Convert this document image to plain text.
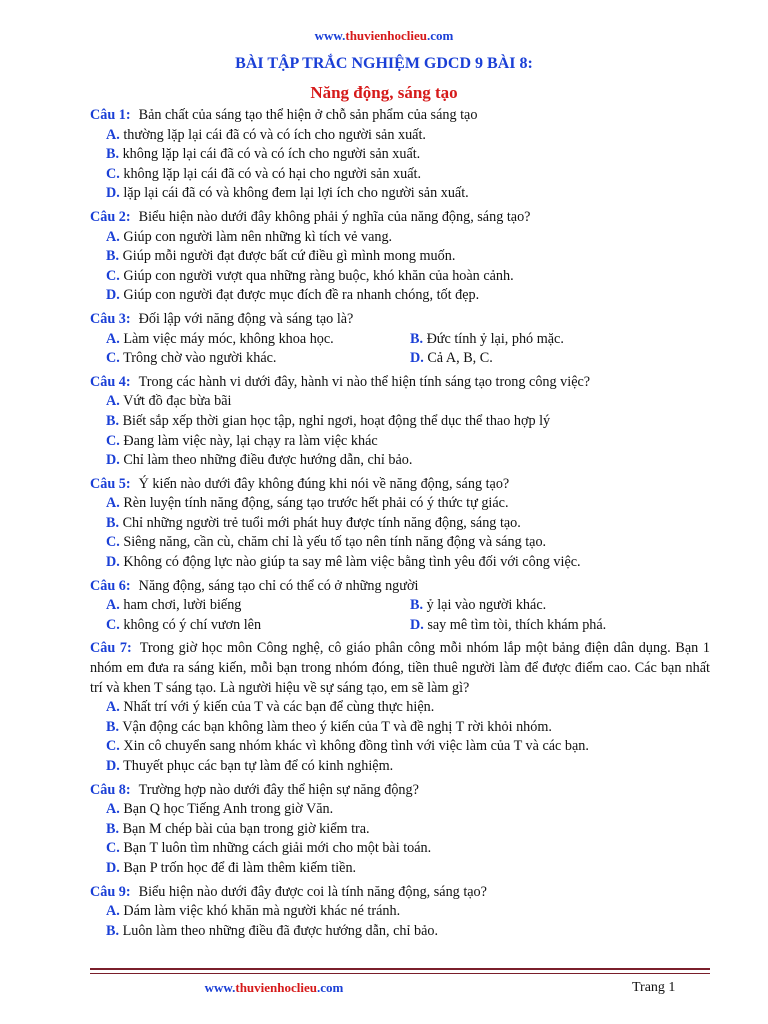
www.thuvienhoclieu.com
BÀI TẬP TRẮC NGHIỆM GDCD 9 BÀI 8:
Năng động, sáng tạo
Câu 1: Bản chất của sáng tạo thể hiện ở chỗ sản phẩm của sáng tạo
A. thường lặp lại cái đã có và có ích cho người sản xuất.
B. không lặp lại cái đã có và có ích cho người sản xuất.
C. không lặp lại cái đã có và có hại cho người sản xuất.
D. lặp lại cái đã có và không đem lại lợi ích cho người sản xuất.
Câu 2: Biểu hiện nào dưới đây không phải ý nghĩa của năng động, sáng tạo?
A. Giúp con người làm nên những kì tích vẻ vang.
B. Giúp mỗi người đạt được bất cứ điều gì mình mong muốn.
C. Giúp con người vượt qua những ràng buộc, khó khăn của hoàn cảnh.
D. Giúp con người đạt được mục đích đề ra nhanh chóng, tốt đẹp.
Câu 3: Đối lập với năng động và sáng tạo là?
A. Làm việc máy móc, không khoa học.	B. Đức tính ỷ lại, phó mặc.
C. Trông chờ vào người khác.	D. Cả A, B, C.
Câu 4: Trong các hành vi dưới đây, hành vi nào thể hiện tính sáng tạo trong công việc?
A. Vứt đồ đạc bừa bãi
B. Biết sắp xếp thời gian học tập, nghỉ ngơi, hoạt động thể dục thể thao hợp lý
C. Đang làm việc này, lại chạy ra làm việc khác
D. Chỉ làm theo những điều được hướng dẫn, chỉ bảo.
Câu 5: Ý kiến nào dưới đây không đúng khi nói về năng động, sáng tạo?
A. Rèn luyện tính năng động, sáng tạo trước hết phải có ý thức tự giác.
B. Chỉ những người trẻ tuổi mới phát huy được tính năng động, sáng tạo.
C. Siêng năng, cần cù, chăm chỉ là yếu tố tạo nên tính năng động và sáng tạo.
D. Không có động lực nào giúp ta say mê làm việc bằng tình yêu đối với công việc.
Câu 6: Năng động, sáng tạo chỉ có thể có ở những người
A. ham chơi, lười biếng	B. ỷ lại vào người khác.
C. không có ý chí vươn lên	D. say mê tìm tòi, thích khám phá.
Câu 7: Trong giờ học môn Công nghệ, cô giáo phân công mỗi nhóm lắp một bảng điện dân dụng. Bạn 1 nhóm em đưa ra sáng kiến, mỗi bạn trong nhóm đóng, tiền thuê người làm để được điểm cao. Các bạn nhất trí và khen T sáng tạo. Là người hiệu về sự sáng tạo, em sẽ làm gì?
A. Nhất trí với ý kiến của T và các bạn để cùng thực hiện.
B. Vận động các bạn không làm theo ý kiến của T và đề nghị T rời khỏi nhóm.
C. Xin cô chuyển sang nhóm khác vì không đồng tình với việc làm của T và các bạn.
D. Thuyết phục các bạn tự làm để có kinh nghiệm.
Câu 8: Trường hợp nào dưới đây thể hiện sự năng động?
A. Bạn Q học Tiếng Anh trong giờ Văn.
B. Bạn M chép bài của bạn trong giờ kiểm tra.
C. Bạn T luôn tìm những cách giải mới cho một bài toán.
D. Bạn P trốn học để đi làm thêm kiếm tiền.
Câu 9: Biểu hiện nào dưới đây được coi là tính năng động, sáng tạo?
A. Dám làm việc khó khăn mà người khác né tránh.
B. Luôn làm theo những điều đã được hướng dẫn, chỉ bảo.
www.thuvienhoclieu.com	Trang 1
